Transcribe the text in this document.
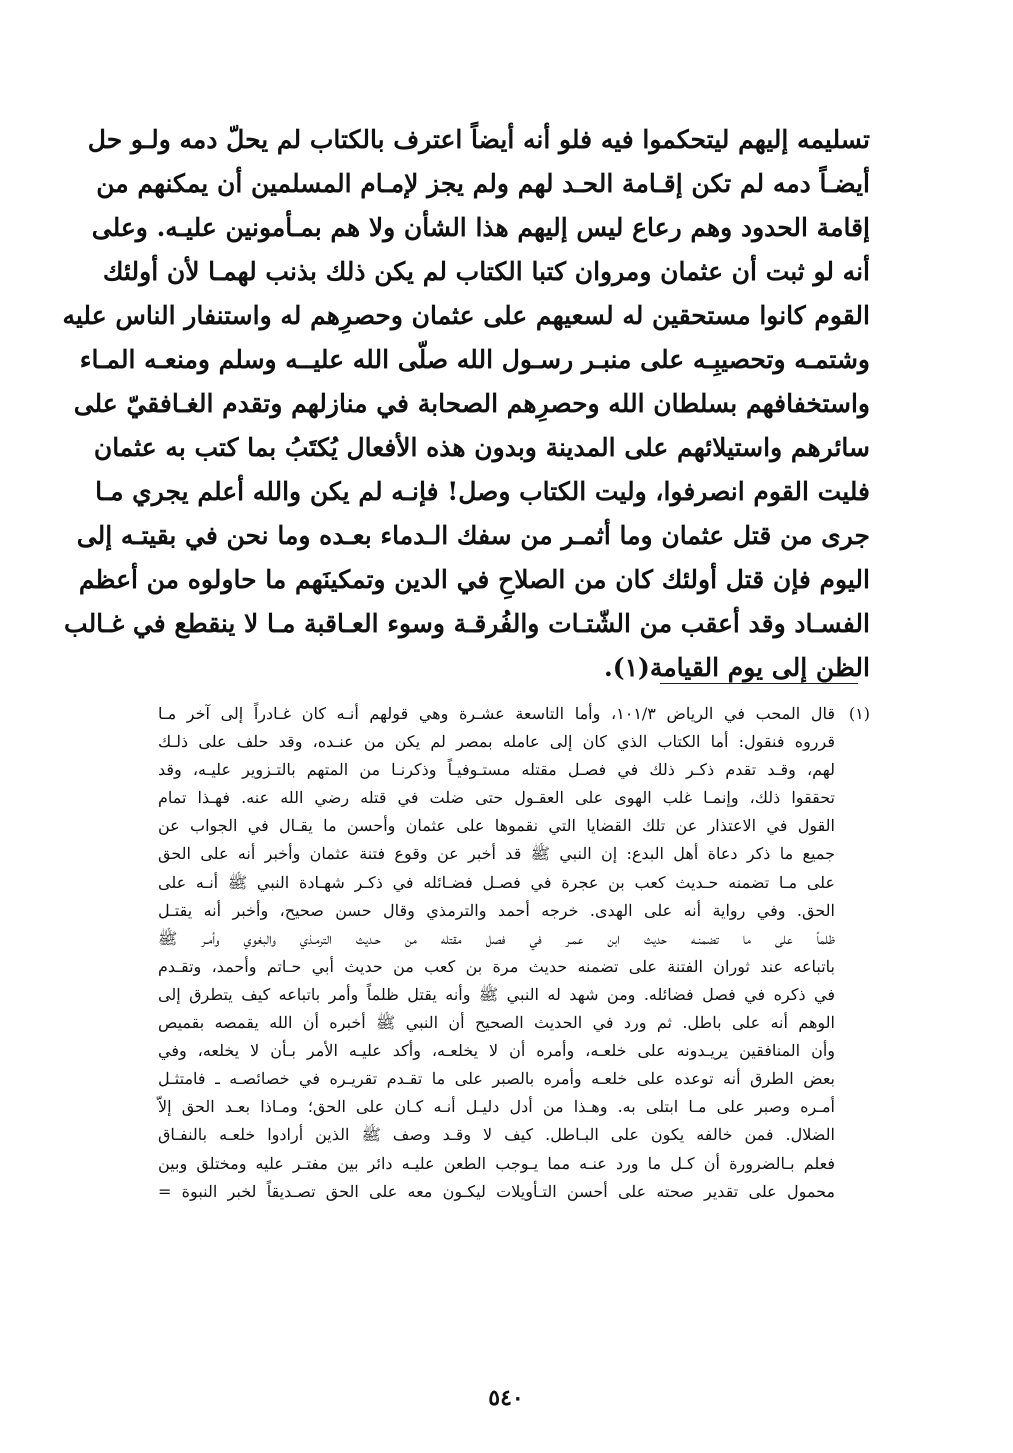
تسليمه إليهم ليتحكموا فيه فلو أنه أيضاً اعترف بالكتاب لم يحلّ دمه ولـو حل
أيضـاً دمه لم تكن إقـامة الحـد لهم ولم يجز لإمـام المسلمين أن يمكنهم من
إقامة الحدود وهم رعاع ليس إليهم هذا الشأن ولا هم بمـأمونين عليـه. وعلى
أنه لو ثبت أن عثمان ومروان كتبا الكتاب لم يكن ذلك بذنب لهمـا لأن أولئك
القوم كانوا مستحقين له لسعيهم على عثمان وحصرِهم له واستنفار الناس عليه
وشتمـه وتحصيبِـه على منبـر رسـول الله صلّى الله عليــه وسلم ومنعـه المـاء
واستخفافهم بسلطان الله وحصرِهم الصحابة في منازلهم وتقدم الغـافقيّ على
سائرهم واستيلائهم على المدينة وبدون هذه الأفعال يُكتَبُ بما كتب به عثمان
فليت القوم انصرفوا، وليت الكتاب وصل! فإنـه لم يكن والله أعلم يجري مـا
جرى من قتل عثمان وما أثمـر من سفك الـدماء بعـده وما نحن في بقيتـه إلى
اليوم فإن قتل أولئك كان من الصلاحِ في الدين وتمكينَهم ما حاولوه من أعظم
الفسـاد وقد أعقب من الشّتـات والفُرقـة وسوء العـاقبة مـا لا ينقطع في غـالب
الظن إلى يوم القيامة(١).
(١)
قال المحب في الرياض ١٠١/٣، وأما التاسعة عشـرة وهي قولهم أنـه كان غـادراً إلى آخر مـا
قرروه فنقول: أما الكتاب الذي كان إلى عامله بمصر لم يكن من عنـده، وقد حلف على ذلـك
لهم، وقـد تقدم ذكـر ذلك في فصـل مقتله مستـوفيـاً وذكرنـا من المتهم بالتـزوير عليـه، وقد
تحققوا ذلك، وإنمـا غلب الهوى على العقـول حتى ضلت في قتله رضي الله عنه. فهـذا تمام
القول في الاعتذار عن تلك القضايا التي نقموها على عثمان وأحسن ما يقـال في الجواب عن
جميع ما ذكر دعاة أهل البدع: إن النبي ﷺ قد أخبر عن وقوع فتنة عثمان وأخبر أنه على الحق
على مـا تضمنه حـديث كعب بن عجرة في فصـل فضـائله في ذكـر شهـادة النبي ﷺ أنـه على
الحق. وفي رواية أنه على الهدى. خرجه أحمد والترمذي وقال حسن صحيح، وأخبر أنه يقتـل
ظلماً على ما تضمنـه حديث ابن عمـر في فصل مقتله من حـديث الترمـذي والبغوي وأمـر ﷺ
باتباعه عند ثوران الفتنة على تضمنه حديث مرة بن كعب من حديث أبي حـاتم وأحمد، وتقـدم
في ذكره في فصل فضائله. ومن شهد له النبي ﷺ وأنه يقتل ظلماً وأمر باتباعه كيف يتطرق إلى
الوهم أنه على باطل. ثم ورد في الحديث الصحيح أن النبي ﷺ أخبره أن الله يقمصه بقميص
وأن المنافقين يريـدونه على خلعـه، وأمره أن لا يخلعـه، وأكد عليـه الأمر بـأن لا يخلعه، وفي
بعض الطرق أنه توعده على خلعـه وأمره بالصبر على ما تقـدم تقريـره في خصائصـه ـ فامتثـل
أمـره وصبر على مـا ابتلى به. وهـذا من أدل دليـل أنـه كـان على الحق؛ ومـاذا بعـد الحق إلاّ
الضلال. فمن خالفه يكون على البـاطل. كيف لا وقـد وصف ﷺ الذين أرادوا خلعـه بالنفـاق
فعلم بـالضرورة أن كـل ما ورد عنـه مما يـوجب الطعن عليـه دائر بين مفتـر عليه ومختلق وبين
محمول على تقدير صحته على أحسن التـأويلات ليكـون معه على الحق تصـديقاً لخبر النبوة =
٥٤٠
